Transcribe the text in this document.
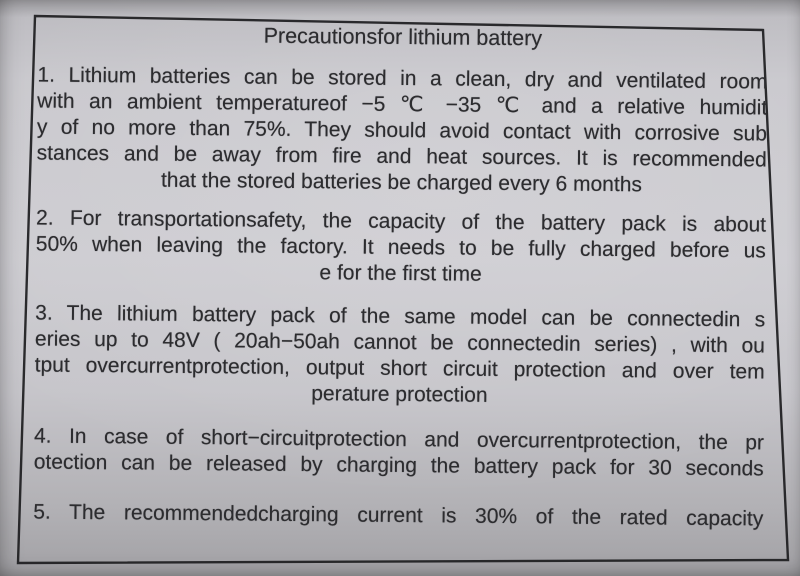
Precautionsfor lithium battery
1. Lithium batteries can be stored in a clean, dry and ventilated room
with an ambient temperatureof −5 ℃ −35 ℃ and a relative humidit
y of no more than 75%. They should avoid contact with corrosive sub
stances and be away from fire and heat sources. It is recommended
that the stored batteries be charged every 6 months
2. For transportationsafety, the capacity of the battery pack is about
50% when leaving the factory. It needs to be fully charged before us
e for the first time
3. The lithium battery pack of the same model can be connectedin s
eries up to 48V ( 20ah−50ah cannot be connectedin series) , with ou
tput overcurrentprotection, output short circuit protection and over tem
perature protection
4. In case of short−circuitprotection and overcurrentprotection, the pr
otection can be released by charging the battery pack for 30 seconds
5. The recommendedcharging current is 30% of the rated capacity
